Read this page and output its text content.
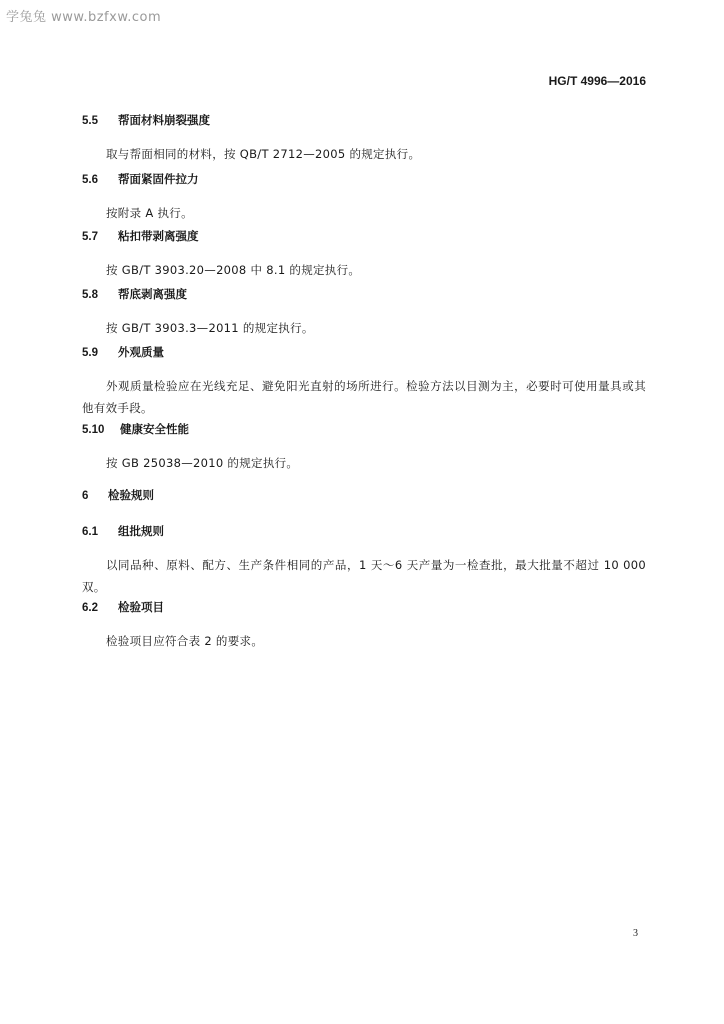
学兔兔 www.bzfxw.com
HG/T 4996—2016
5.5 帮面材料崩裂强度
取与帮面相同的材料，按 QB/T 2712—2005 的规定执行。
5.6 帮面紧固件拉力
按附录 A 执行。
5.7 粘扣带剥离强度
按 GB/T 3903.20—2008 中 8.1 的规定执行。
5.8 帮底剥离强度
按 GB/T 3903.3—2011 的规定执行。
5.9 外观质量
外观质量检验应在光线充足、避免阳光直射的场所进行。检验方法以目测为主，必要时可使用量具或其他有效手段。
5.10 健康安全性能
按 GB 25038—2010 的规定执行。
6 检验规则
6.1 组批规则
以同品种、原料、配方、生产条件相同的产品，1 天～6 天产量为一检查批，最大批量不超过 10 000 双。
6.2 检验项目
检验项目应符合表 2 的要求。
3
